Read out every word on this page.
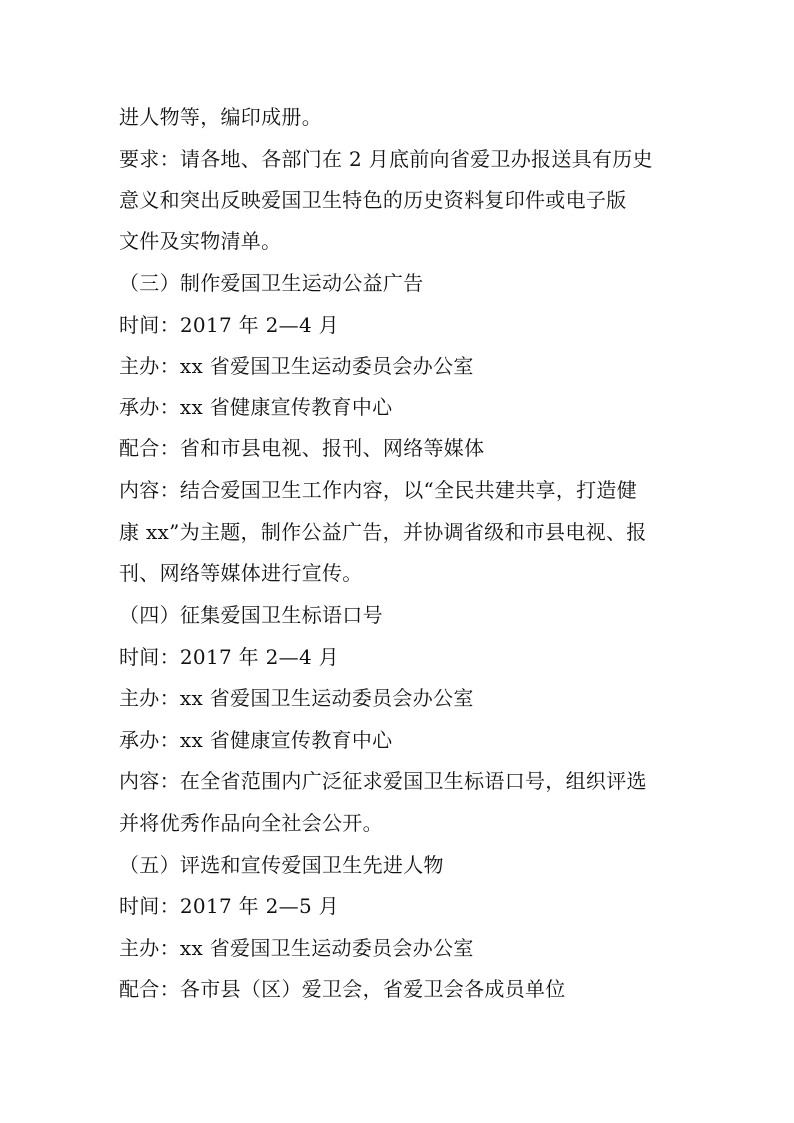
进人物等，编印成册。
要求：请各地、各部门在 2 月底前向省爱卫办报送具有历史
意义和突出反映爱国卫生特色的历史资料复印件或电子版
文件及实物清单。
（三）制作爱国卫生运动公益广告
时间：2017 年 2—4 月
主办：xx 省爱国卫生运动委员会办公室
承办：xx 省健康宣传教育中心
配合：省和市县电视、报刊、网络等媒体
内容：结合爱国卫生工作内容，以“全民共建共享，打造健
康 xx”为主题，制作公益广告，并协调省级和市县电视、报
刊、网络等媒体进行宣传。
（四）征集爱国卫生标语口号
时间：2017 年 2—4 月
主办：xx 省爱国卫生运动委员会办公室
承办：xx 省健康宣传教育中心
内容：在全省范围内广泛征求爱国卫生标语口号，组织评选
并将优秀作品向全社会公开。
（五）评选和宣传爱国卫生先进人物
时间：2017 年 2—5 月
主办：xx 省爱国卫生运动委员会办公室
配合：各市县（区）爱卫会，省爱卫会各成员单位
